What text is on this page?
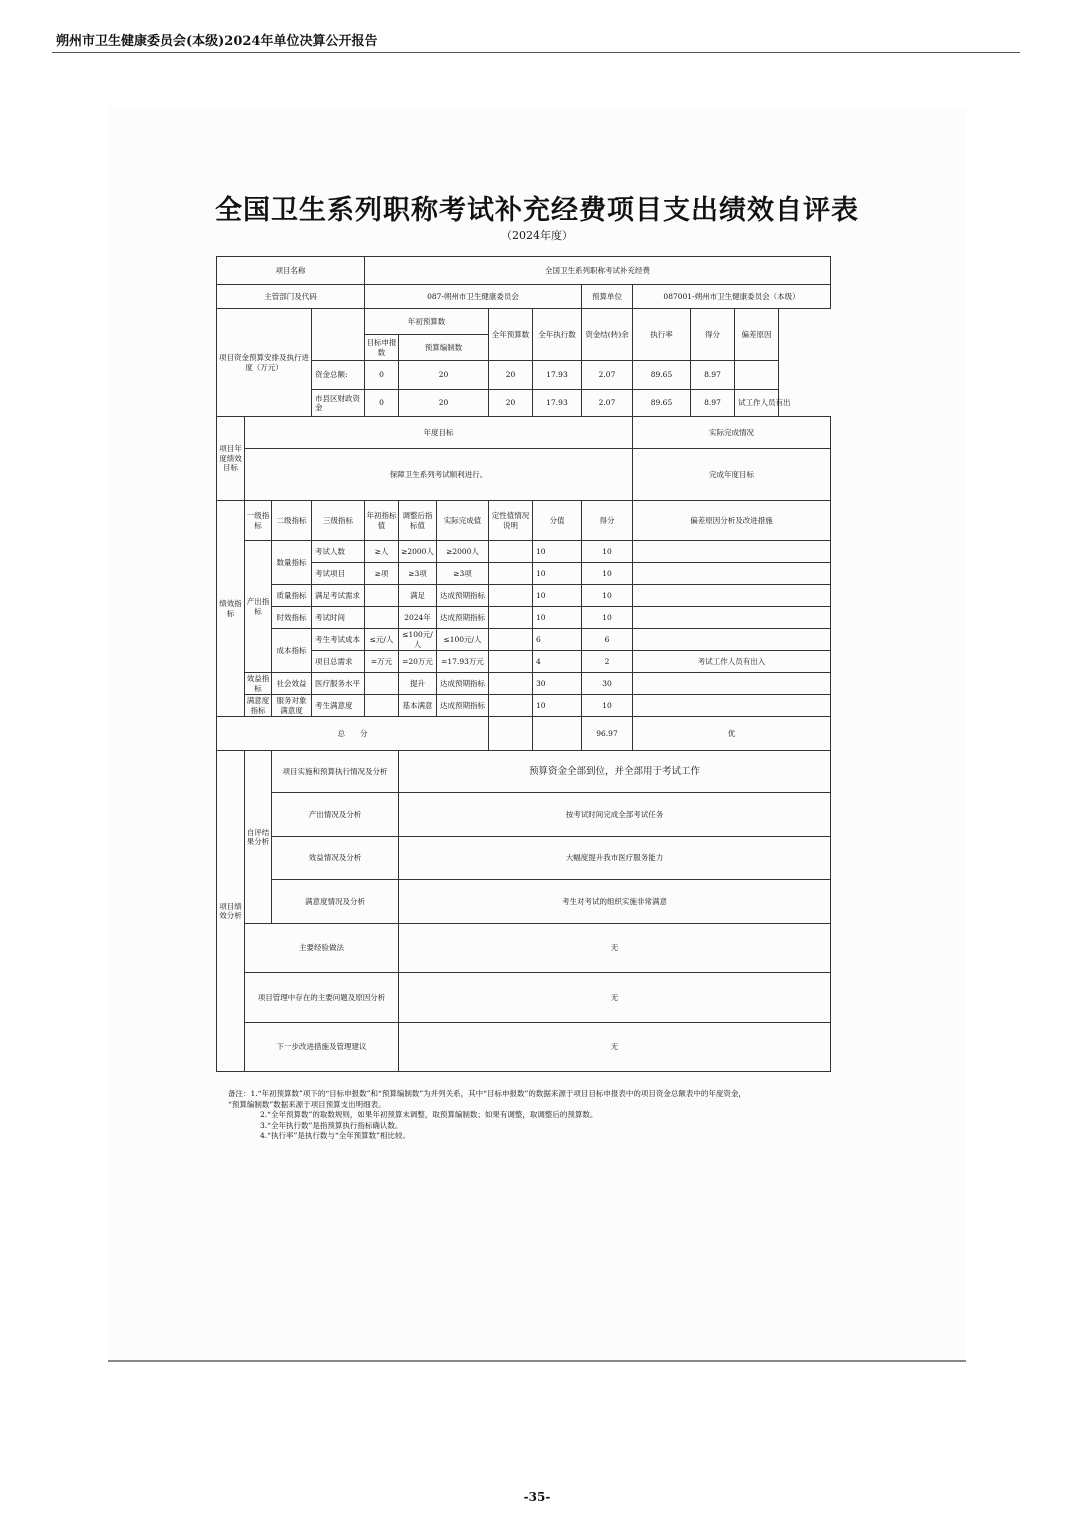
朔州市卫生健康委员会(本级)2024年单位决算公开报告
全国卫生系列职称考试补充经费项目支出绩效自评表
（2024年度）
项目名称				全国卫生系列职称考试补充经费								
主管部门及代码				087-朔州市卫生健康委员会					预算单位	087001-朔州市卫生健康委员会（本级）		
项目资金预算安排及执行进度（万元）				年初预算数			全年预算数	全年执行数	资金结(转)余	执行率	得分	偏差原因
				目标申报数	预算编制数							
			资金总额:	0	20		20	17.93	2.07	89.65	8.97	
			市县区财政资金	0	20		20	17.93	2.07	89.65	8.97	试工作人员有出
项目年度绩效目标	年度目标									实际完成情况		
	保障卫生系列考试顺利进行。									完成年度目标		
绩效指标	一级指标	二级指标	三级指标	年初指标值	调整后指标值	实际完成值	定性值情况说明	分值	得分	偏差原因分析及改进措施		
	产出指标	数量指标	考试人数	≥人	≥2000人	≥2000人		10	10			
			考试项目	≥项	≥3项	≥3项		10	10			
		质量指标	满足考试需求		满足	达成预期指标		10	10			
		时效指标	考试时间		2024年	达成预期指标		10	10			
		成本指标	考生考试成本	≤元/人	≤100元/人	≤100元/人		6	6			
			项目总需求	=万元	=20万元	=17.93万元		4	2	考试工作人员有出入		
	效益指标	社会效益	医疗服务水平		提升	达成预期指标		30	30			
	满意度指标	服务对象满意度	考生满意度		基本满意	达成预期指标		10	10			
总　　分									96.97	优		
项目绩效分析	自评结果分析	项目实施和预算执行情况及分析			预算资金全部到位，并全部用于考试工作							
		产出情况及分析			按考试时间完成全部考试任务							
		效益情况及分析			大幅度提升我市医疗服务能力							
		满意度情况及分析			考生对考试的组织实施非常满意							
	主要经验做法				无							
	项目管理中存在的主要问题及原因分析				无							
	下一步改进措施及管理建议				无							
备注：1.“年初预算数”项下的“目标申报数”和“预算编制数”为并列关系，其中“目标申报数”的数据来源于项目目标申报表中的项目资金总额表中的年度资金，
“预算编制数”数据来源于项目预算支出明细表。
2.“全年预算数”的取数规则，如果年初预算未调整，取预算编制数；如果有调整，取调整后的预算数。
3.“全年执行数”是指预算执行指标确认数。
4.“执行率”是执行数与“全年预算数”相比较。
-35-
